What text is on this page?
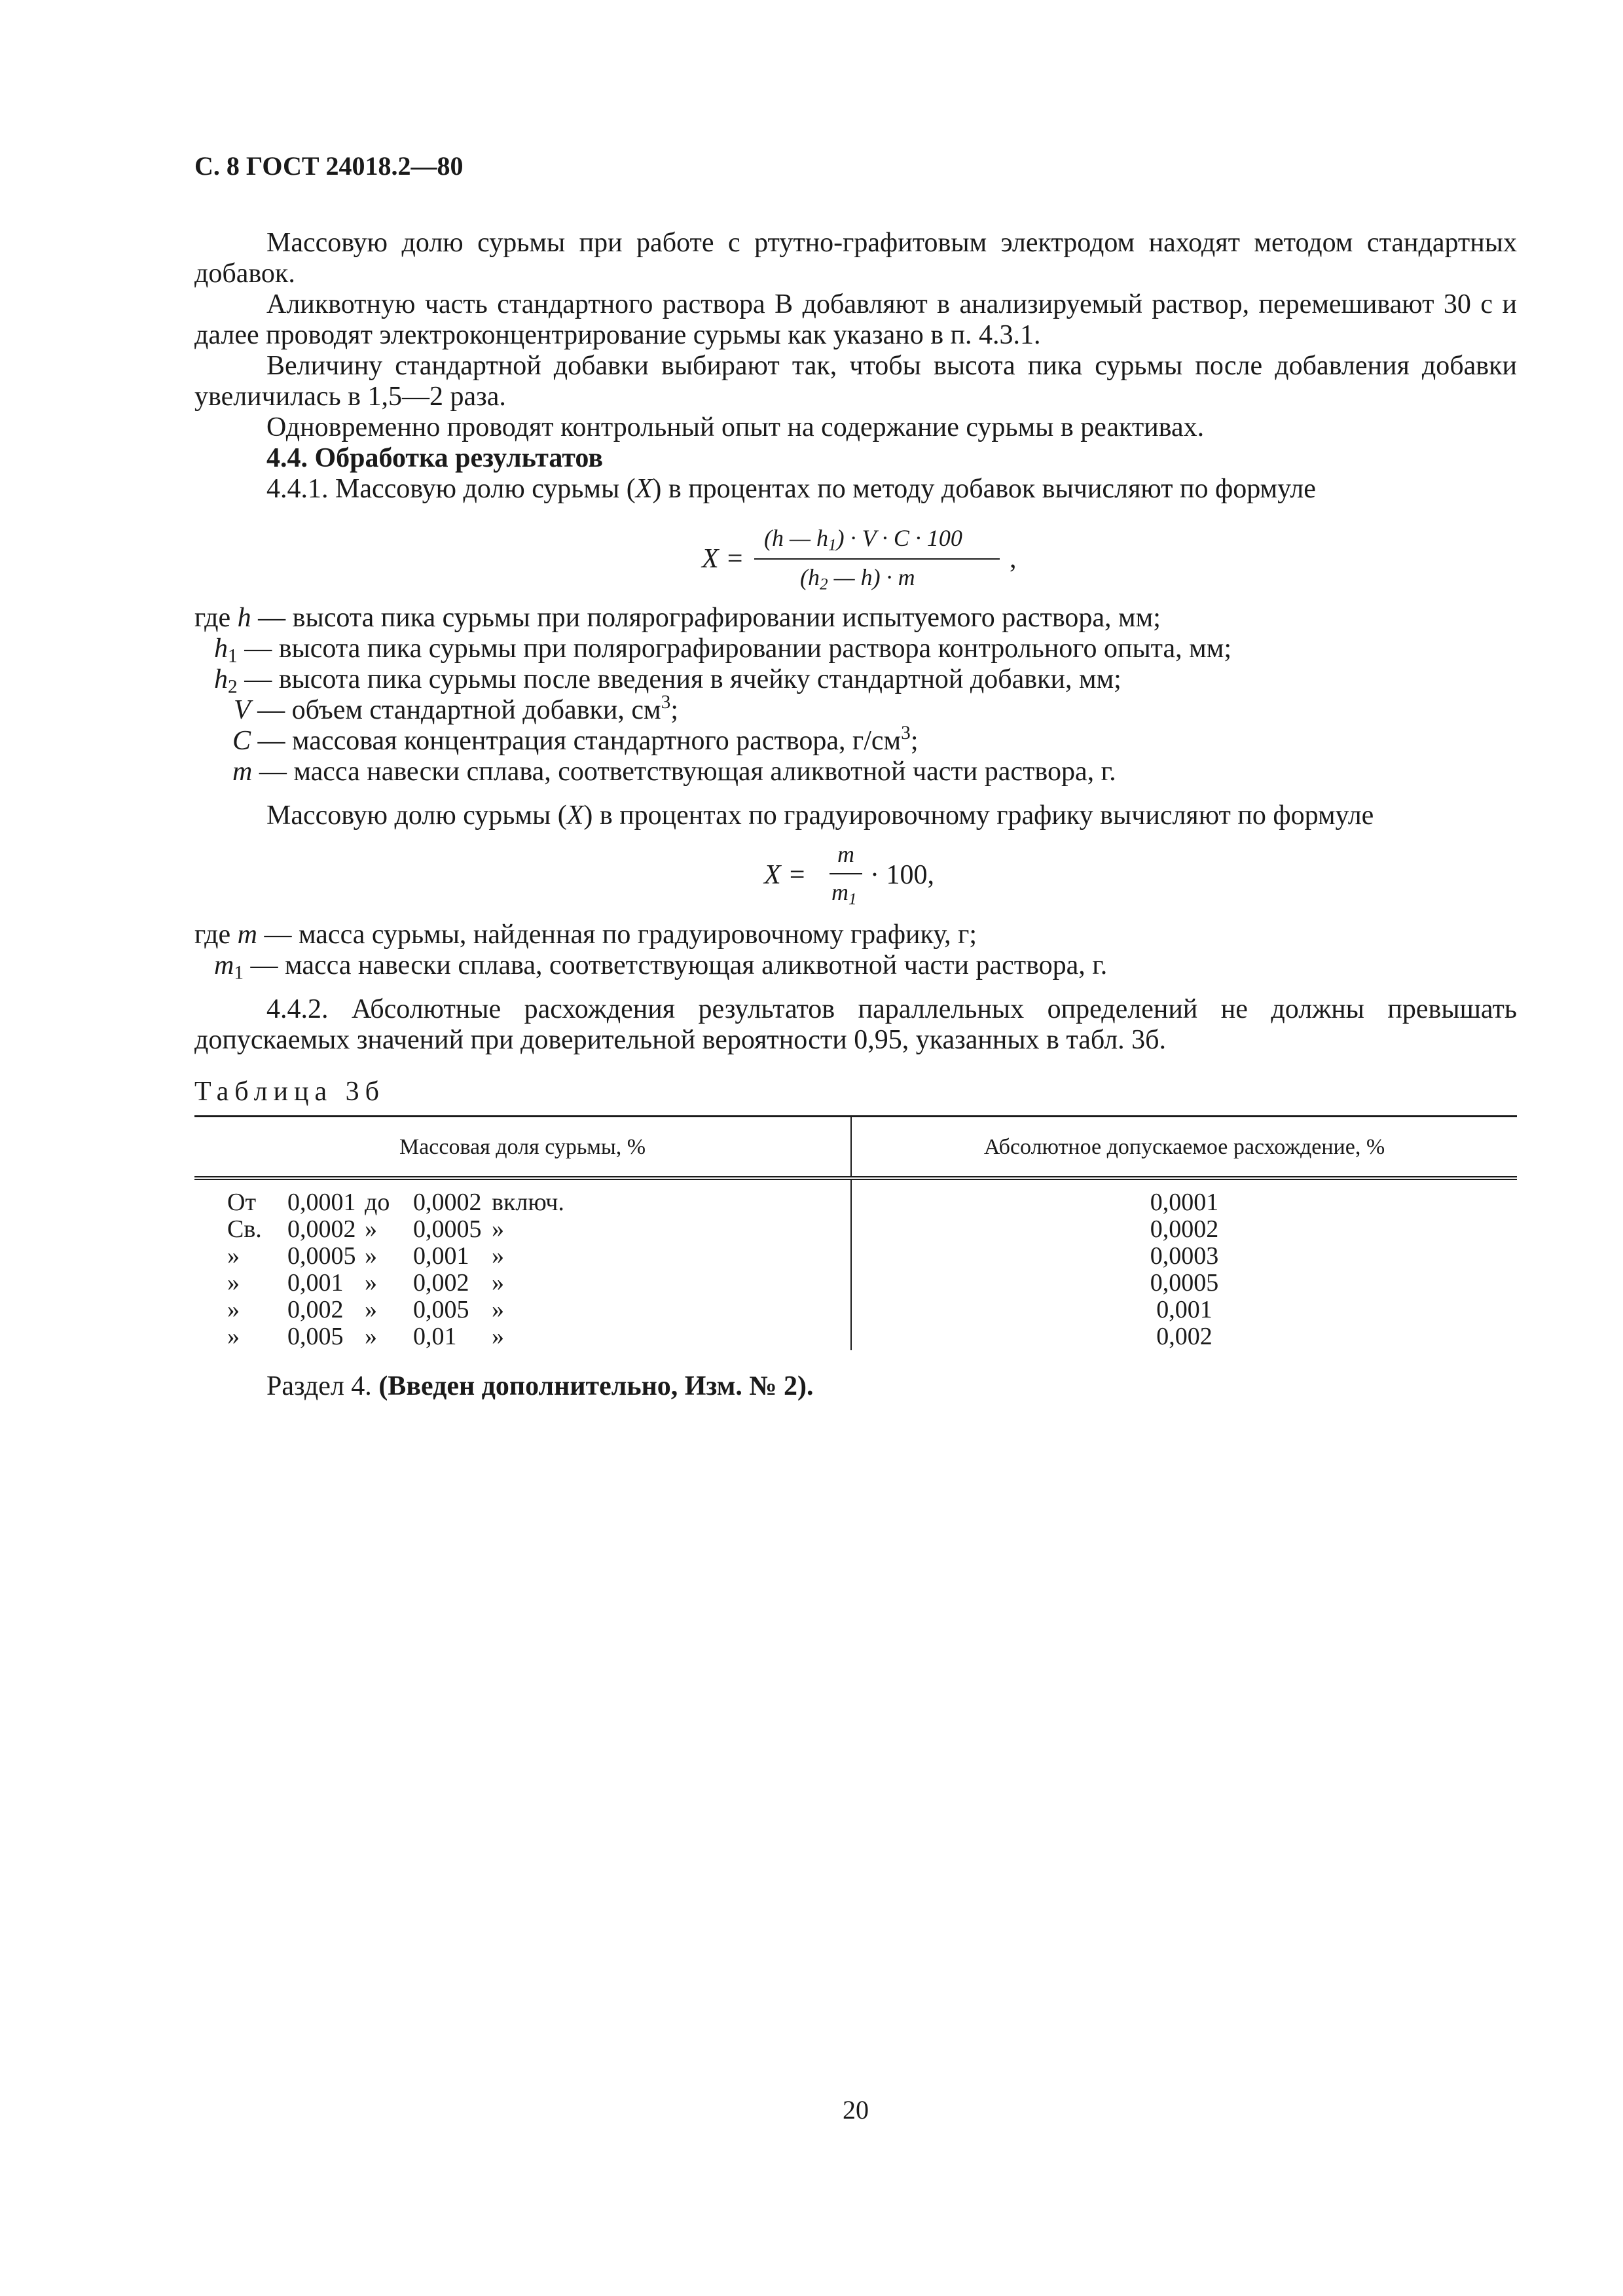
С. 8 ГОСТ 24018.2—80

Массовую долю сурьмы при работе с ртутно-графитовым электродом находят методом стандартных добавок.

Аликвотную часть стандартного раствора В добавляют в анализируемый раствор, перемешивают 30 с и далее проводят электроконцентрирование сурьмы как указано в п. 4.3.1.

Величину стандартной добавки выбирают так, чтобы высота пика сурьмы после добавления добавки увеличилась в 1,5—2 раза.

Одновременно проводят контрольный опыт на содержание сурьмы в реактивах.

4.4. Обработка результатов

4.4.1. Массовую долю сурьмы (X) в процентах по методу добавок вычисляют по формуле

X =
(h — $h_1) \cdot V \cdot C \cdot 100$
($h_2$ — h) · m
,

где h — высота пика сурьмы при полярографировании испытуемого раствора, мм;

$h_1$ — высота пика сурьмы при полярографировании раствора контрольного опыта, мм;

$h_2$ — высота пика сурьмы после введения в ячейку стандартной добавки, мм;

V — объем стандартной добавки, $см^3$;

C — массовая концентрация стандартного раствора, $г/см^3$;

m — масса навески сплава, соответствующая аликвотной части раствора, г.

Массовую долю сурьмы (X) в процентах по градуировочному графику вычисляют по формуле

X =
m
$m_1$
· 100,

где m — масса сурьмы, найденная по градуировочному графику, г;

$m_1$ — масса навески сплава, соответствующая аликвотной части раствора, г.

4.4.2. Абсолютные расхождения результатов параллельных определений не должны превышать допускаемых значений при доверительной вероятности 0,95, указанных в табл. 3б.

Таблица 3б

Массовая доля сурьмы, %	Абсолютное допускаемое расхождение, %
От 0,0001 до 0,0002 включ.	0,0001
Св. 0,0002 » 0,0005 »	0,0002
» 0,0005 » 0,001 »	0,0003
» 0,001 » 0,002 »	0,0005
» 0,002 » 0,005 »	0,001
» 0,005 » 0,01 »	0,002

Раздел 4. (Введен дополнительно, Изм. № 2).

20
